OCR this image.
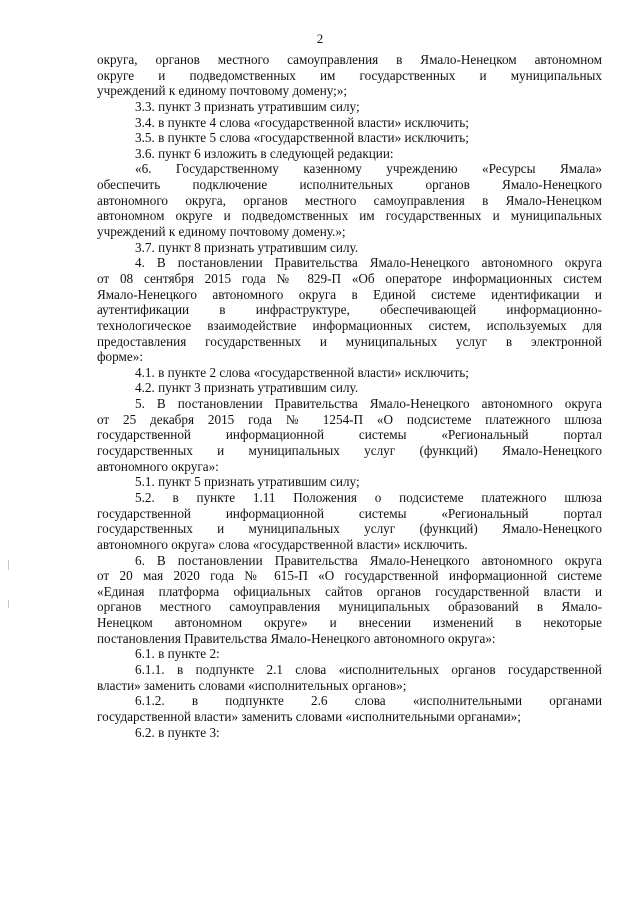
2
округа, органов местного самоуправления в Ямало-Ненецком автономном
округе и подведомственных им государственных и муниципальных
учреждений к единому почтовому домену;»;
3.3. пункт 3 признать утратившим силу;
3.4. в пункте 4 слова «государственной власти» исключить;
3.5. в пункте 5 слова «государственной власти» исключить;
3.6. пункт 6 изложить в следующей редакции:
«6. Государственному казенному учреждению «Ресурсы Ямала»
обеспечить подключение исполнительных органов Ямало-Ненецкого
автономного округа, органов местного самоуправления в Ямало-Ненецком
автономном округе и подведомственных им государственных и муниципальных
учреждений к единому почтовому домену.»;
3.7. пункт 8 признать утратившим силу.
4. В постановлении Правительства Ямало-Ненецкого автономного округа
от 08 сентября 2015 года № 829-П «Об операторе информационных систем
Ямало-Ненецкого автономного округа в Единой системе идентификации и
аутентификации в инфраструктуре, обеспечивающей информационно-
технологическое взаимодействие информационных систем, используемых для
предоставления государственных и муниципальных услуг в электронной
форме»:
4.1. в пункте 2 слова «государственной власти» исключить;
4.2. пункт 3 признать утратившим силу.
5. В постановлении Правительства Ямало-Ненецкого автономного округа
от 25 декабря 2015 года № 1254-П «О подсистеме платежного шлюза
государственной информационной системы «Региональный портал
государственных и муниципальных услуг (функций) Ямало-Ненецкого
автономного округа»:
5.1. пункт 5 признать утратившим силу;
5.2. в пункте 1.11 Положения о подсистеме платежного шлюза
государственной информационной системы «Региональный портал
государственных и муниципальных услуг (функций) Ямало-Ненецкого
автономного округа» слова «государственной власти» исключить.
6. В постановлении Правительства Ямало-Ненецкого автономного округа
от 20 мая 2020 года № 615-П «О государственной информационной системе
«Единая платформа официальных сайтов органов государственной власти и
органов местного самоуправления муниципальных образований в Ямало-
Ненецком автономном округе» и внесении изменений в некоторые
постановления Правительства Ямало-Ненецкого автономного округа»:
6.1. в пункте 2:
6.1.1. в подпункте 2.1 слова «исполнительных органов государственной
власти» заменить словами «исполнительных органов»;
6.1.2. в подпункте 2.6 слова «исполнительными органами
государственной власти» заменить словами «исполнительными органами»;
6.2. в пункте 3:
